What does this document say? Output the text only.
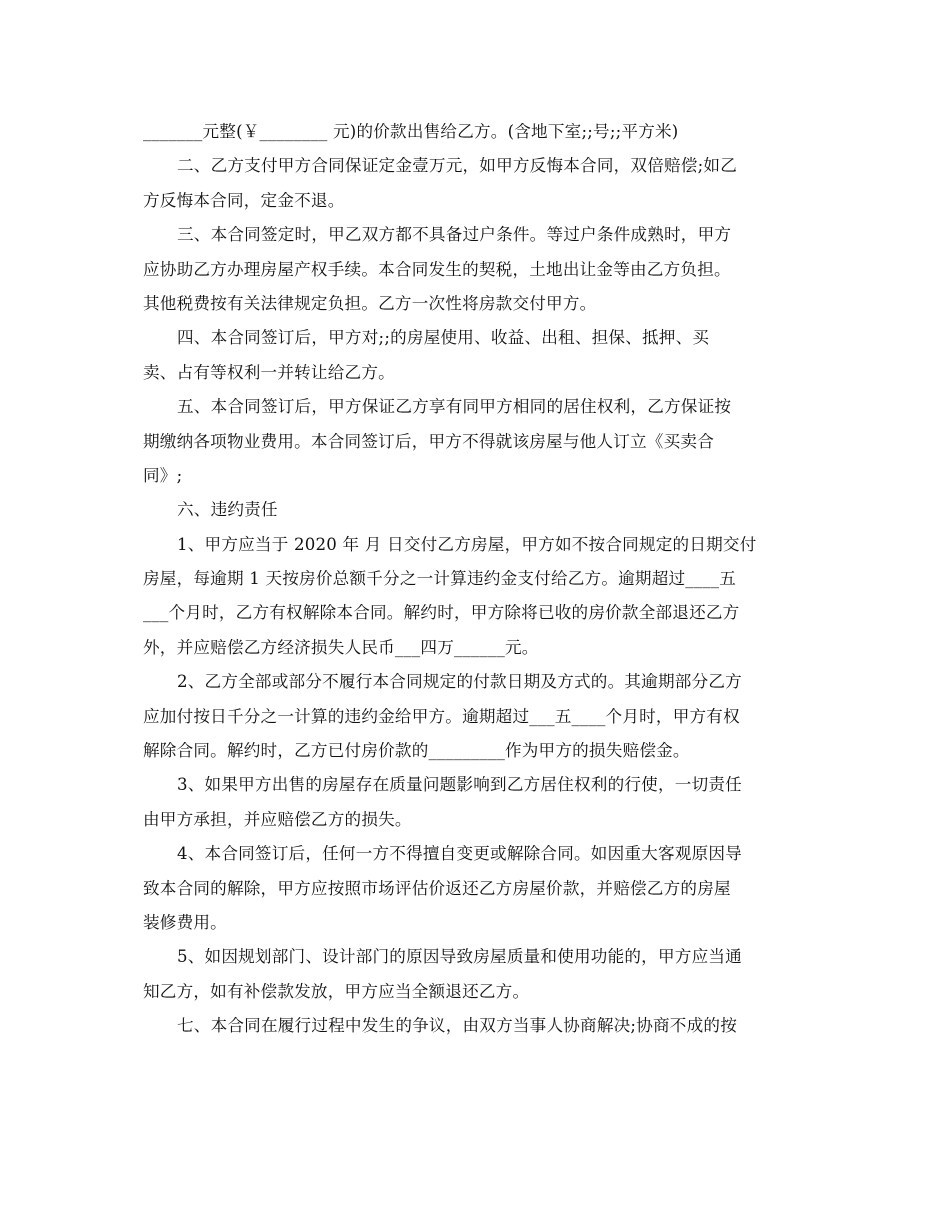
_______元整(￥________ 元)的价款出售给乙方。(含地下室;;号;;平方米)
二、乙方支付甲方合同保证定金壹万元，如甲方反悔本合同，双倍赔偿;如乙
方反悔本合同，定金不退。
三、本合同签定时，甲乙双方都不具备过户条件。等过户条件成熟时，甲方
应协助乙方办理房屋产权手续。本合同发生的契税，土地出让金等由乙方负担。
其他税费按有关法律规定负担。乙方一次性将房款交付甲方。
四、本合同签订后，甲方对;;的房屋使用、收益、出租、担保、抵押、买
卖、占有等权利一并转让给乙方。
五、本合同签订后，甲方保证乙方享有同甲方相同的居住权利，乙方保证按
期缴纳各项物业费用。本合同签订后，甲方不得就该房屋与他人订立《买卖合
同》;
六、违约责任
1、甲方应当于 2020 年 月 日交付乙方房屋，甲方如不按合同规定的日期交付
房屋，每逾期 1 天按房价总额千分之一计算违约金支付给乙方。逾期超过____五
___个月时，乙方有权解除本合同。解约时，甲方除将已收的房价款全部退还乙方
外，并应赔偿乙方经济损失人民币___四万______元。
2、乙方全部或部分不履行本合同规定的付款日期及方式的。其逾期部分乙方
应加付按日千分之一计算的违约金给甲方。逾期超过___五____个月时，甲方有权
解除合同。解约时，乙方已付房价款的_________作为甲方的损失赔偿金。
3、如果甲方出售的房屋存在质量问题影响到乙方居住权利的行使，一切责任
由甲方承担，并应赔偿乙方的损失。
4、本合同签订后，任何一方不得擅自变更或解除合同。如因重大客观原因导
致本合同的解除，甲方应按照市场评估价返还乙方房屋价款，并赔偿乙方的房屋
装修费用。
5、如因规划部门、设计部门的原因导致房屋质量和使用功能的，甲方应当通
知乙方，如有补偿款发放，甲方应当全额退还乙方。
七、本合同在履行过程中发生的争议，由双方当事人协商解决;协商不成的按
